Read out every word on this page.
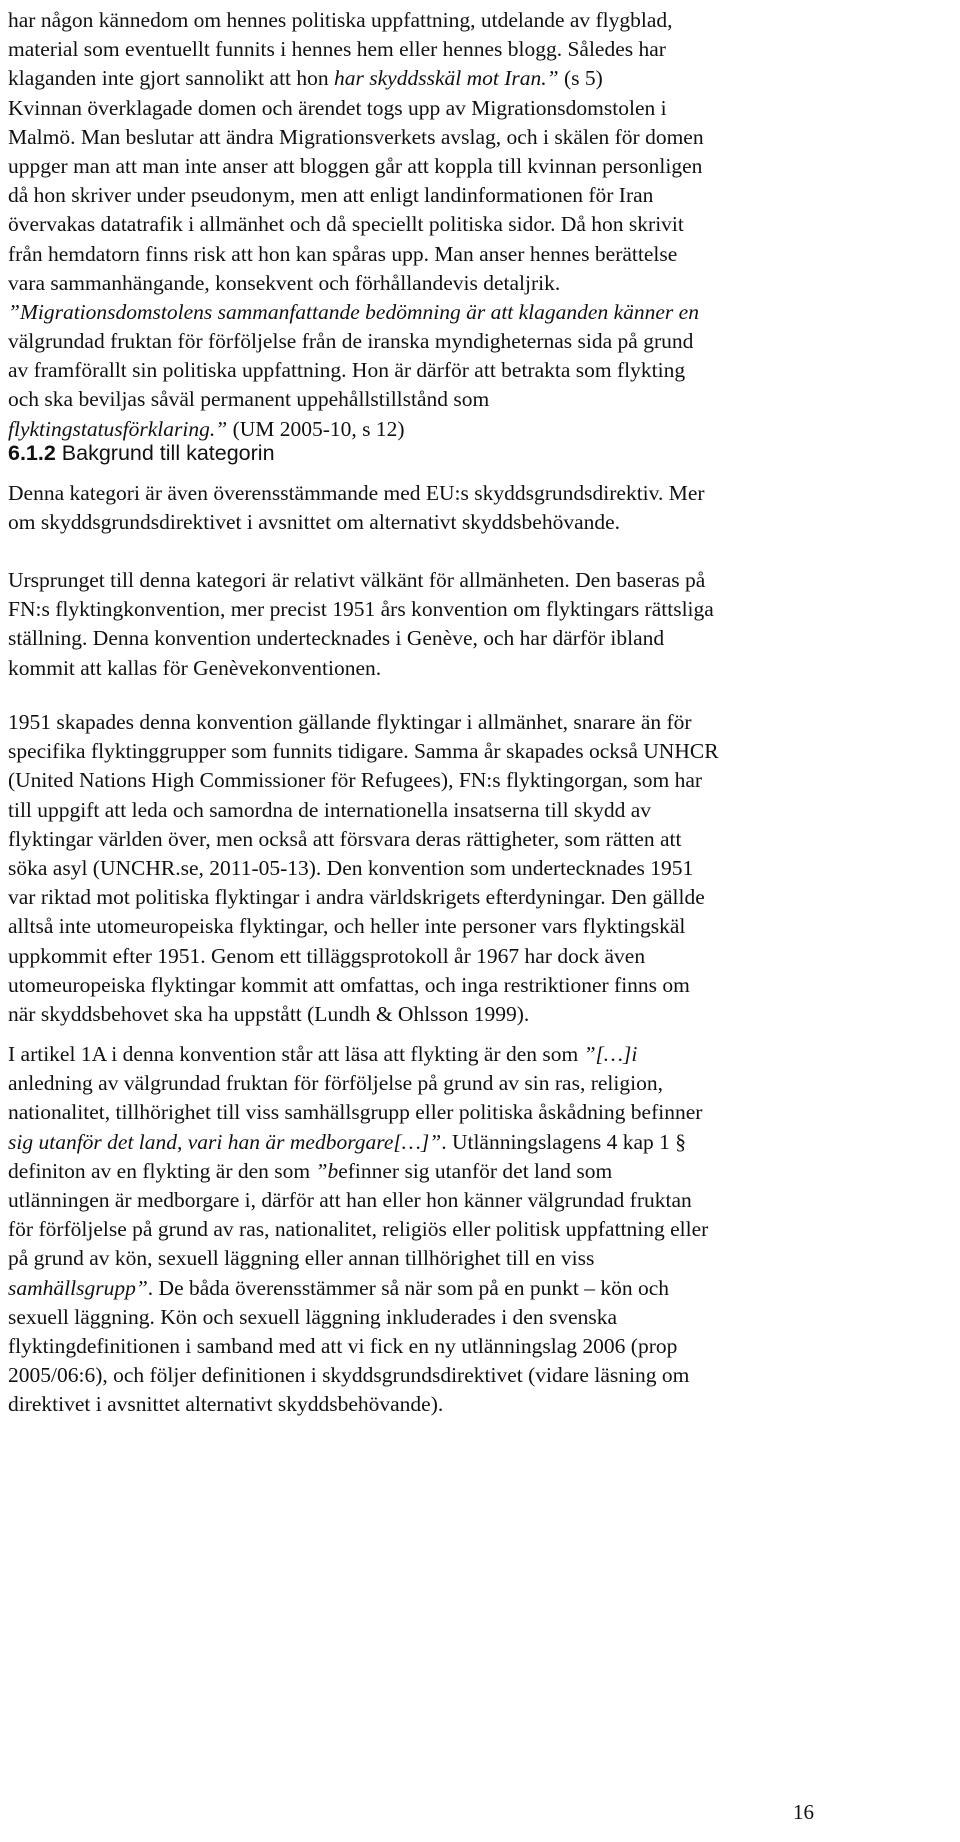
har någon kännedom om hennes politiska uppfattning, utdelande av flygblad,
material som eventuellt funnits i hennes hem eller hennes blogg. Således har
klaganden inte gjort sannolikt att hon har skyddsskäl mot Iran.” (s 5)
Kvinnan överklagade domen och ärendet togs upp av Migrationsdomstolen i
Malmö. Man beslutar att ändra Migrationsverkets avslag, och i skälen för domen
uppger man att man inte anser att bloggen går att koppla till kvinnan personligen
då hon skriver under pseudonym, men att enligt landinformationen för Iran
övervakas datatrafik i allmänhet och då speciellt politiska sidor. Då hon skrivit
från hemdatorn finns risk att hon kan spåras upp. Man anser hennes berättelse
vara sammanhängande, konsekvent och förhållandevis detaljrik.
”Migrationsdomstolens sammanfattande bedömning är att klaganden känner en
välgrundad fruktan för förföljelse från de iranska myndigheternas sida på grund
av framförallt sin politiska uppfattning. Hon är därför att betrakta som flykting
och ska beviljas såväl permanent uppehållstillstånd som
flyktingstatusförklaring.” (UM 2005-10, s 12)
6.1.2 Bakgrund till kategorin
Denna kategori är även överensstämmande med EU:s skyddsgrundsdirektiv. Mer
om skyddsgrundsdirektivet i avsnittet om alternativt skyddsbehövande.
Ursprunget till denna kategori är relativt välkänt för allmänheten. Den baseras på
FN:s flyktingkonvention, mer precist 1951 års konvention om flyktingars rättsliga
ställning. Denna konvention undertecknades i Genève, och har därför ibland
kommit att kallas för Genèvekonventionen.
1951 skapades denna konvention gällande flyktingar i allmänhet, snarare än för
specifika flyktinggrupper som funnits tidigare. Samma år skapades också UNHCR
(United Nations High Commissioner för Refugees), FN:s flyktingorgan, som har
till uppgift att leda och samordna de internationella insatserna till skydd av
flyktingar världen över, men också att försvara deras rättigheter, som rätten att
söka asyl (UNCHR.se, 2011-05-13). Den konvention som undertecknades 1951
var riktad mot politiska flyktingar i andra världskrigets efterdyningar. Den gällde
alltså inte utomeuropeiska flyktingar, och heller inte personer vars flyktingskäl
uppkommit efter 1951. Genom ett tilläggsprotokoll år 1967 har dock även
utomeuropeiska flyktingar kommit att omfattas, och inga restriktioner finns om
när skyddsbehovet ska ha uppstått (Lundh & Ohlsson 1999).
I artikel 1A i denna konvention står att läsa att flykting är den som ”[…]i
anledning av välgrundad fruktan för förföljelse på grund av sin ras, religion,
nationalitet, tillhörighet till viss samhällsgrupp eller politiska åskådning befinner
sig utanför det land, vari han är medborgare[…]”. Utlänningslagens 4 kap 1 §
definiton av en flykting är den som ”befinner sig utanför det land som
utlänningen är medborgare i, därför att han eller hon känner välgrundad fruktan
för förföljelse på grund av ras, nationalitet, religiös eller politisk uppfattning eller
på grund av kön, sexuell läggning eller annan tillhörighet till en viss
samhällsgrupp”. De båda överensstämmer så när som på en punkt – kön och
sexuell läggning. Kön och sexuell läggning inkluderades i den svenska
flyktingdefinitionen i samband med att vi fick en ny utlänningslag 2006 (prop
2005/06:6), och följer definitionen i skyddsgrundsdirektivet (vidare läsning om
direktivet i avsnittet alternativt skyddsbehövande).
16
